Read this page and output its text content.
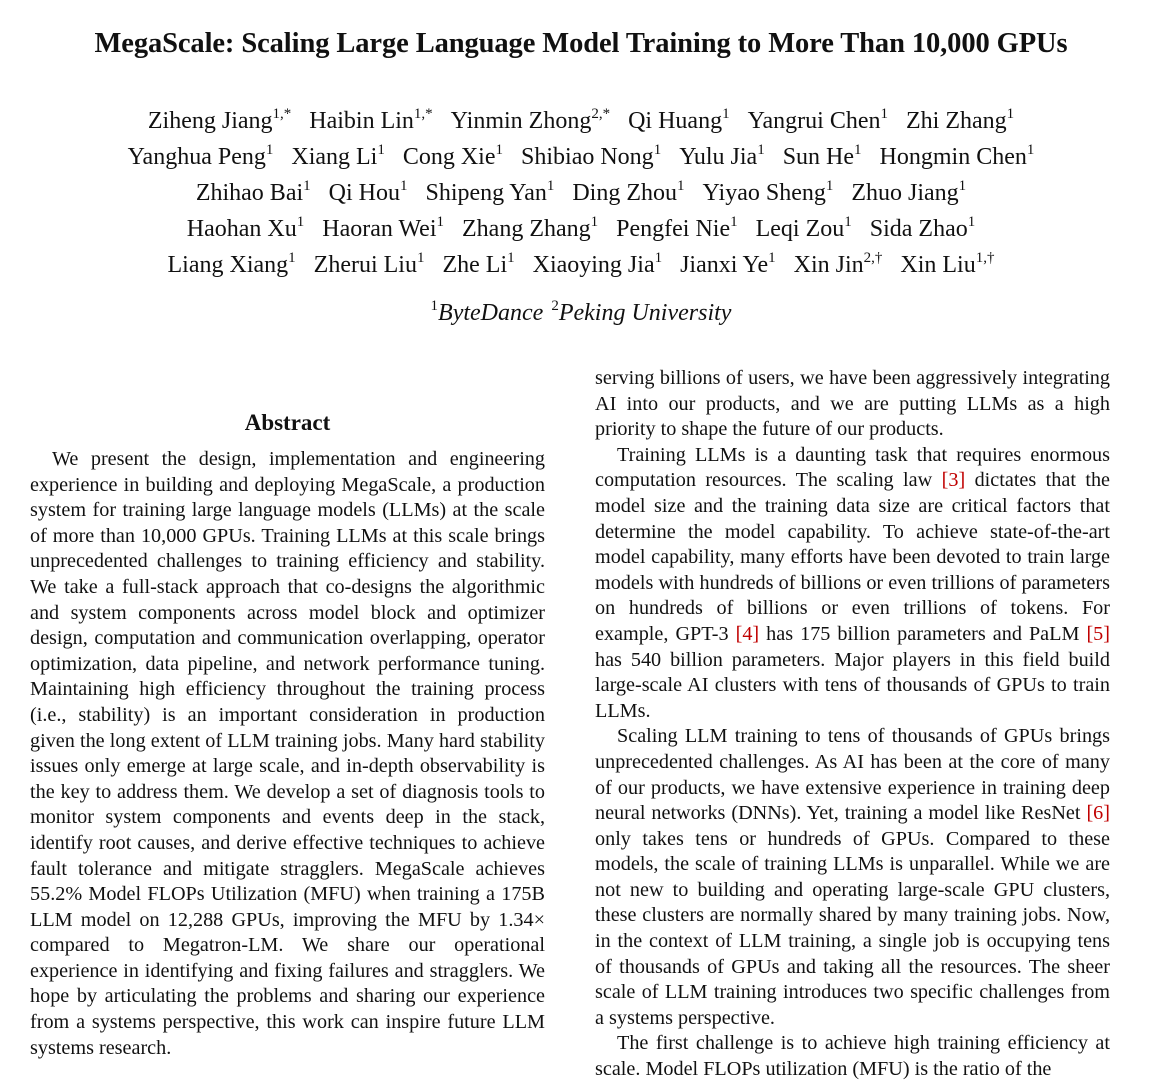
MegaScale: Scaling Large Language Model Training to More Than 10,000 GPUs
Ziheng Jiang$^{1,*}$ Haibin Lin$^{1,*}$ Yinmin Zhong$^{2,*}$ Qi Huang$^1$ Yangrui Chen$^1$ Zhi Zhang$^1$
Yanghua Peng$^1$ Xiang Li$^1$ Cong Xie$^1$ Shibiao Nong$^1$ Yulu Jia$^1$ Sun He$^1$ Hongmin Chen$^1$
Zhihao Bai$^1$ Qi Hou$^1$ Shipeng Yan$^1$ Ding Zhou$^1$ Yiyao Sheng$^1$ Zhuo Jiang$^1$
Haohan Xu$^1$ Haoran Wei$^1$ Zhang Zhang$^1$ Pengfei Nie$^1$ Leqi Zou$^1$ Sida Zhao$^1$
Liang Xiang$^1$ Zherui Liu$^1$ Zhe Li$^1$ Xiaoying Jia$^1$ Jianxi Ye$^1$ Xin Jin$^{2,\dagger}$ Xin Liu$^{1,\dagger}$
$^1$ByteDance $^2$Peking University
Abstract

We present the design, implementation and engineering experience in building and deploying MegaScale, a production system for training large language models (LLMs) at the scale of more than 10,000 GPUs. Training LLMs at this scale brings unprecedented challenges to training efficiency and stability. We take a full-stack approach that co-designs the algorithmic and system components across model block and optimizer design, computation and communication overlapping, operator optimization, data pipeline, and network performance tuning. Maintaining high efficiency throughout the training process (i.e., stability) is an important consideration in production given the long extent of LLM training jobs. Many hard stability issues only emerge at large scale, and in-depth observability is the key to address them. We develop a set of diagnosis tools to monitor system components and events deep in the stack, identify root causes, and derive effective techniques to achieve fault tolerance and mitigate stragglers. MegaScale achieves 55.2% Model FLOPs Utilization (MFU) when training a 175B LLM model on 12,288 GPUs, improving the MFU by 1.34× compared to Megatron-LM. We share our operational experience in identifying and fixing failures and stragglers. We hope by articulating the problems and sharing our experience from a systems perspective, this work can inspire future LLM systems research.

serving billions of users, we have been aggressively integrating AI into our products, and we are putting LLMs as a high priority to shape the future of our products.

Training LLMs is a daunting task that requires enormous computation resources. The scaling law [3] dictates that the model size and the training data size are critical factors that determine the model capability. To achieve state-of-the-art model capability, many efforts have been devoted to train large models with hundreds of billions or even trillions of parameters on hundreds of billions or even trillions of tokens. For example, GPT-3 [4] has 175 billion parameters and PaLM [5] has 540 billion parameters. Major players in this field build large-scale AI clusters with tens of thousands of GPUs to train LLMs.

Scaling LLM training to tens of thousands of GPUs brings unprecedented challenges. As AI has been at the core of many of our products, we have extensive experience in training deep neural networks (DNNs). Yet, training a model like ResNet [6] only takes tens or hundreds of GPUs. Compared to these models, the scale of training LLMs is unparallel. While we are not new to building and operating large-scale GPU clusters, these clusters are normally shared by many training jobs. Now, in the context of LLM training, a single job is occupying tens of thousands of GPUs and taking all the resources. The sheer scale of LLM training introduces two specific challenges from a systems perspective.

The first challenge is to achieve high training efficiency at scale. Model FLOPs utilization (MFU) is the ratio of the
